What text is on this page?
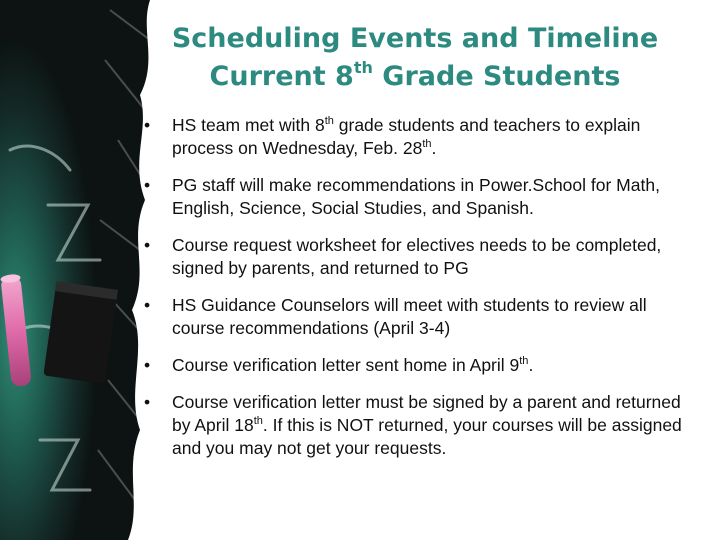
Scheduling Events and Timeline
Current 8th Grade Students
• HS team met with 8th grade students and teachers to explain process on Wednesday, Feb. 28th.
• PG staff will make recommendations in Power.School for Math, English, Science, Social Studies, and Spanish.
• Course request worksheet for electives needs to be completed, signed by parents, and returned to PG
• HS Guidance Counselors will meet with students to review all course recommendations (April 3-4)
• Course verification letter sent home in April 9th.
• Course verification letter must be signed by a parent and returned by April 18th. If this is NOT returned, your courses will be assigned and you may not get your requests.
